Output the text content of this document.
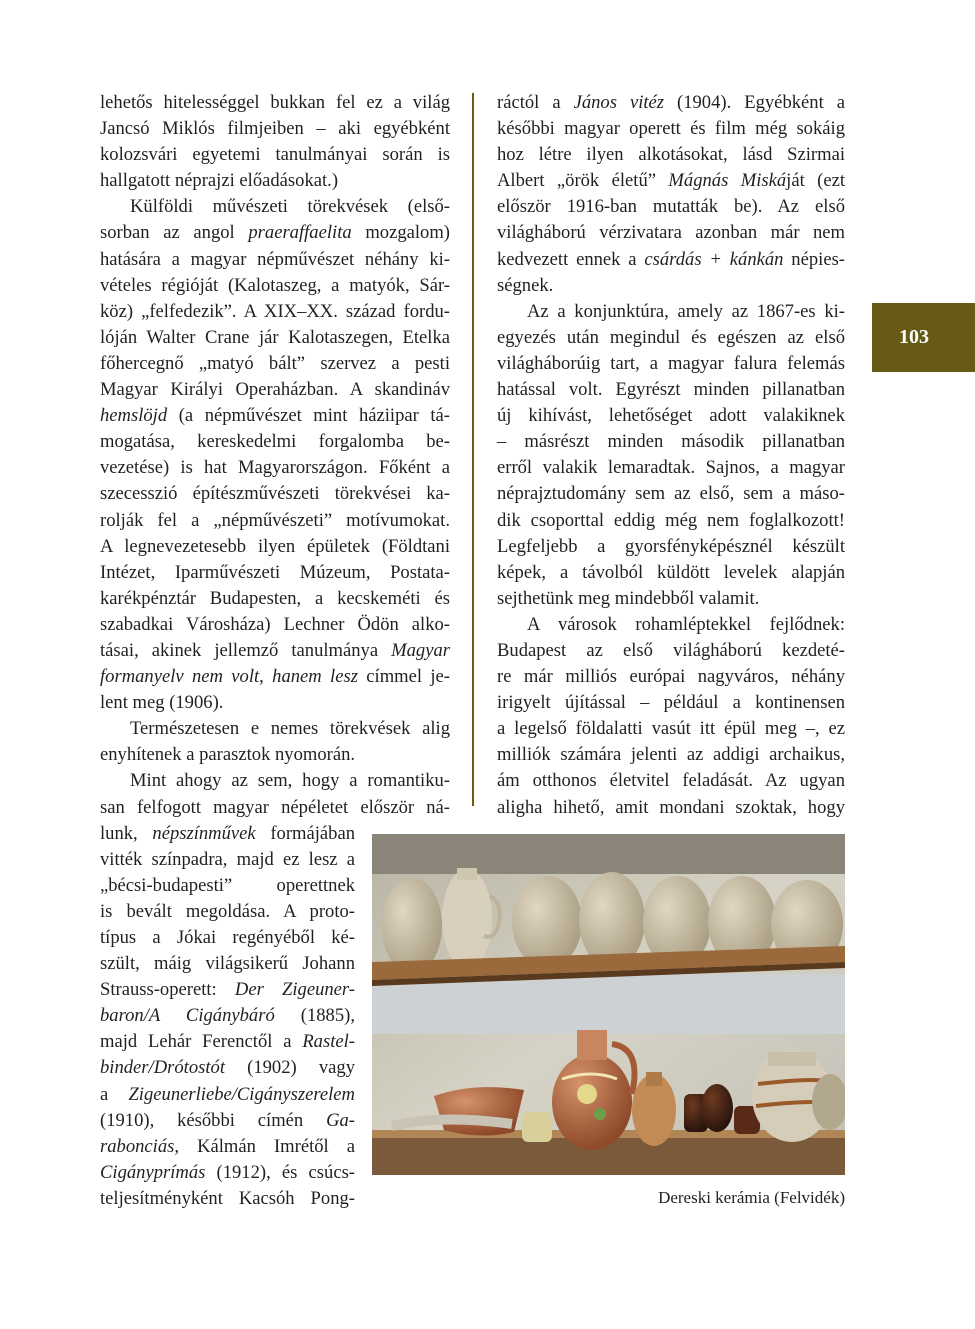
lehetős hitelességgel bukkan fel ez a világ
Jancsó Miklós filmjeiben – aki egyébként
kolozsvári egyetemi tanulmányai során is
hallgatott néprajzi előadásokat.)

Külföldi művészeti törekvések (első-
sorban az angol praeraffaelita mozgalom)
hatására a magyar népművészet néhány ki-
vételes régióját (Kalotaszeg, a matyók, Sár-
köz) „felfedezik”. A XIX–XX. század fordu-
lóján Walter Crane jár Kalotaszegen, Etelka
főhercegnő „matyó bált” szervez a pesti
Magyar Királyi Operaházban. A skandináv
hemslöjd (a népművészet mint háziipar tá-
mogatása, kereskedelmi forgalomba be-
vezetése) is hat Magyarországon. Főként a
szecesszió építészművészeti törekvései ka-
rolják fel a „népművészeti” motívumokat.
A legnevezetesebb ilyen épületek (Földtani
Intézet, Iparművészeti Múzeum, Postata-
karékpénztár Budapesten, a kecskeméti és
szabadkai Városháza) Lechner Ödön alko-
tásai, akinek jellemző tanulmánya Magyar
formanyelv nem volt, hanem lesz címmel je-
lent meg (1906).

Természetesen e nemes törekvések alig
enyhítenek a parasztok nyomorán.

Mint ahogy az sem, hogy a romantiku-
san felfogott magyar népéletet először ná-
lunk, népszínművek formájában
vitték színpadra, majd ez lesz a
„bécsi-budapesti” operettnek
is bevált megoldása. A proto-
típus a Jókai regényéből ké-
szült, máig világsikerű Johann
Strauss-operett: Der Zigeuner-
baron/A Cigánybáró (1885),
majd Lehár Ferenctől a Rastel-
binder/Drótostót (1902) vagy
a Zigeunerliebe/Cigányszerelem
(1910), későbbi címén Ga-
rabonciás, Kálmán Imrétől a
Cigányprímás (1912), és csúcs-
teljesítményként Kacsóh Pong-

ráctól a János vitéz (1904). Egyébként a
későbbi magyar operett és film még sokáig
hoz létre ilyen alkotásokat, lásd Szirmai
Albert „örök életű” Mágnás Miskáját (ezt
először 1916-ban mutatták be). Az első
világháború vérzivatara azonban már nem
kedvezett ennek a csárdás + kánkán népies-
ségnek.

Az a konjunktúra, amely az 1867-es ki-
egyezés után megindul és egészen az első
világháborúig tart, a magyar falura felemás
hatással volt. Egyrészt minden pillanatban
új kihívást, lehetőséget adott valakiknek
– másrészt minden második pillanatban
erről valakik lemaradtak. Sajnos, a magyar
néprajztudomány sem az első, sem a máso-
dik csoporttal eddig még nem foglalkozott!
Legfeljebb a gyorsfényképésznél készült
képek, a távolból küldött levelek alapján
sejthetünk meg mindebből valamit.

A városok rohamléptekkel fejlődnek:
Budapest az első világháború kezdeté-
re már milliós európai nagyváros, néhány
irigyelt újítással – például a kontinensen
a legelső földalatti vasút itt épül meg –, ez
milliók számára jelenti az addigi archaikus,
ám otthonos életvitel feladását. Az ugyan
aligha hihető, amit mondani szoktak, hogy

103
Dereski kerámia (Felvidék)
